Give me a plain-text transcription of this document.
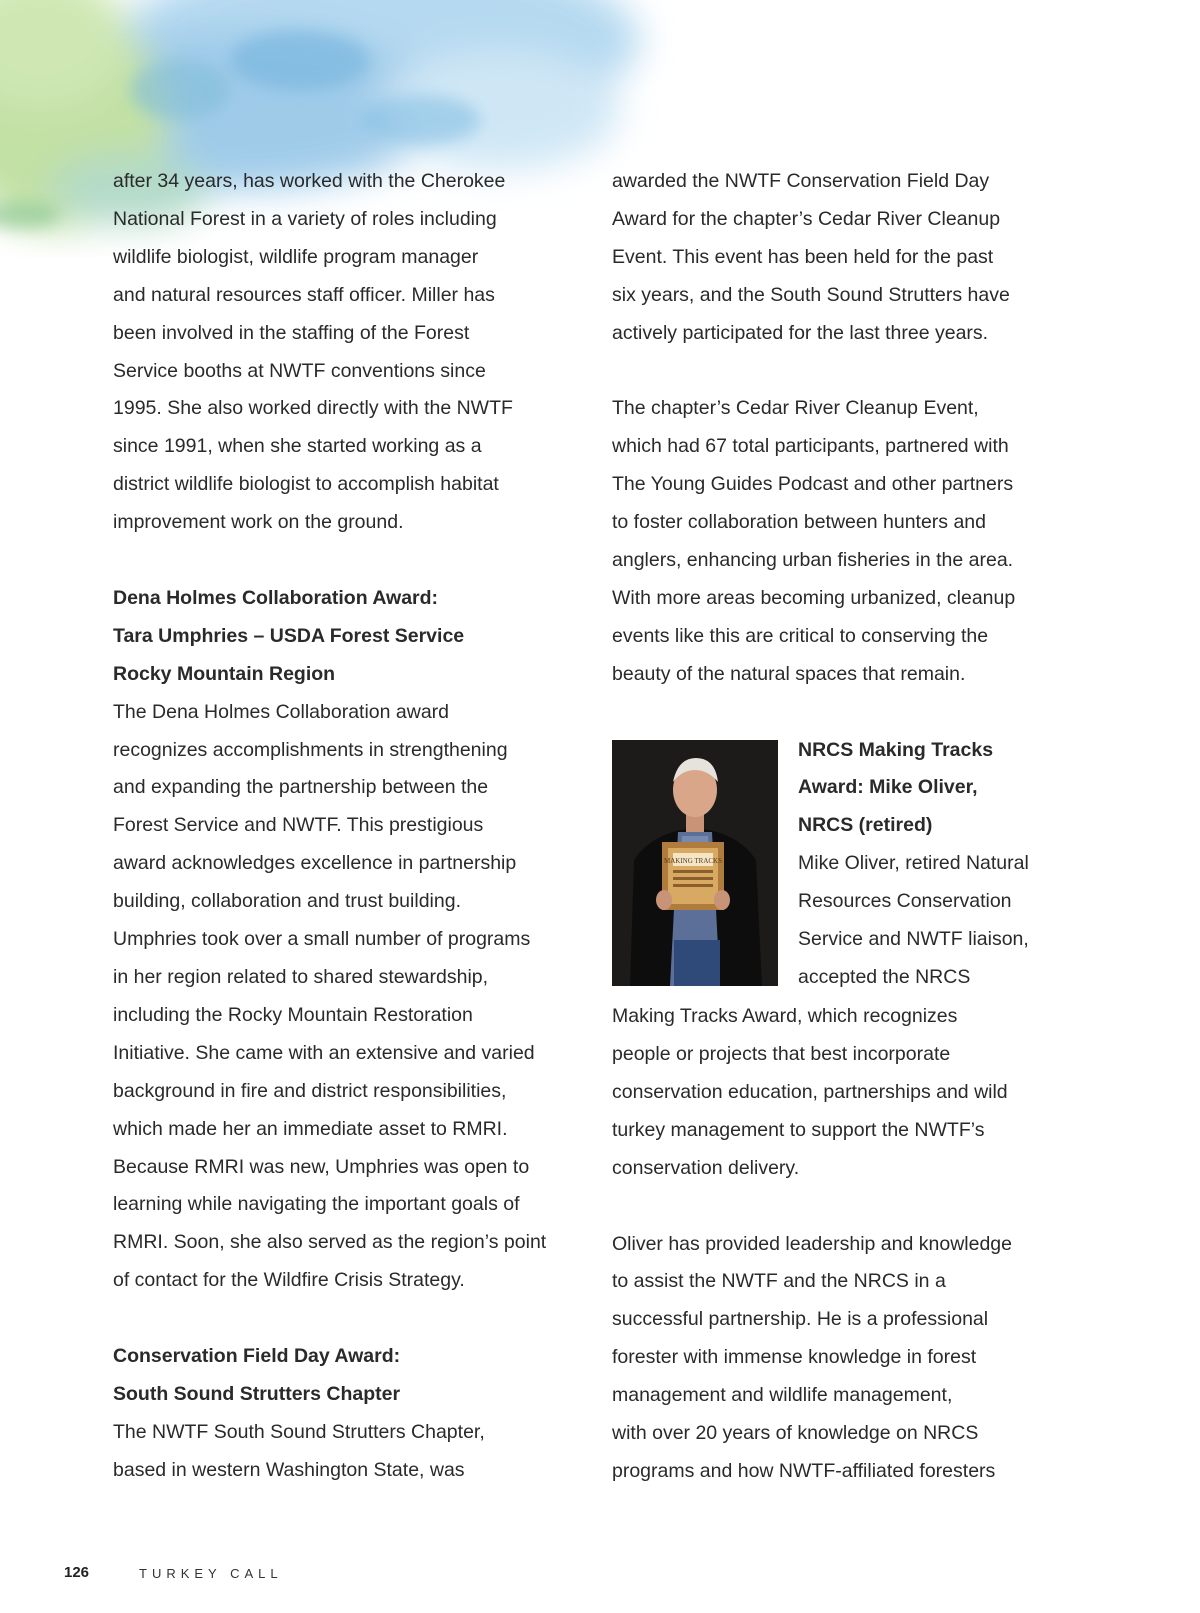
after 34 years, has worked with the Cherokee
National Forest in a variety of roles including
wildlife biologist, wildlife program manager
and natural resources staff officer. Miller has
been involved in the staffing of the Forest
Service booths at NWTF conventions since
1995. She also worked directly with the NWTF
since 1991, when she started working as a
district wildlife biologist to accomplish habitat
improvement work on the ground.

Dena Holmes Collaboration Award:
Tara Umphries – USDA Forest Service
Rocky Mountain Region

The Dena Holmes Collaboration award
recognizes accomplishments in strengthening
and expanding the partnership between the
Forest Service and NWTF. This prestigious
award acknowledges excellence in partnership
building, collaboration and trust building.
Umphries took over a small number of programs
in her region related to shared stewardship,
including the Rocky Mountain Restoration
Initiative. She came with an extensive and varied
background in fire and district responsibilities,
which made her an immediate asset to RMRI.
Because RMRI was new, Umphries was open to
learning while navigating the important goals of
RMRI. Soon, she also served as the region’s point
of contact for the Wildfire Crisis Strategy.

Conservation Field Day Award:
South Sound Strutters Chapter

The NWTF South Sound Strutters Chapter,
based in western Washington State, was

awarded the NWTF Conservation Field Day
Award for the chapter’s Cedar River Cleanup
Event. This event has been held for the past
six years, and the South Sound Strutters have
actively participated for the last three years.

The chapter’s Cedar River Cleanup Event,
which had 67 total participants, partnered with
The Young Guides Podcast and other partners
to foster collaboration between hunters and
anglers, enhancing urban fisheries in the area.
With more areas becoming urbanized, cleanup
events like this are critical to conserving the
beauty of the natural spaces that remain.

MAKING TRACKS

NRCS Making Tracks
Award: Mike Oliver,
NRCS (retired)

Mike Oliver, retired Natural
Resources Conservation
Service and NWTF liaison,
accepted the NRCS

Making Tracks Award, which recognizes
people or projects that best incorporate
conservation education, partnerships and wild
turkey management to support the NWTF’s
conservation delivery.

Oliver has provided leadership and knowledge
to assist the NWTF and the NRCS in a
successful partnership. He is a professional
forester with immense knowledge in forest
management and wildlife management,
with over 20 years of knowledge on NRCS
programs and how NWTF-affiliated foresters

126	TURKEY CALL
